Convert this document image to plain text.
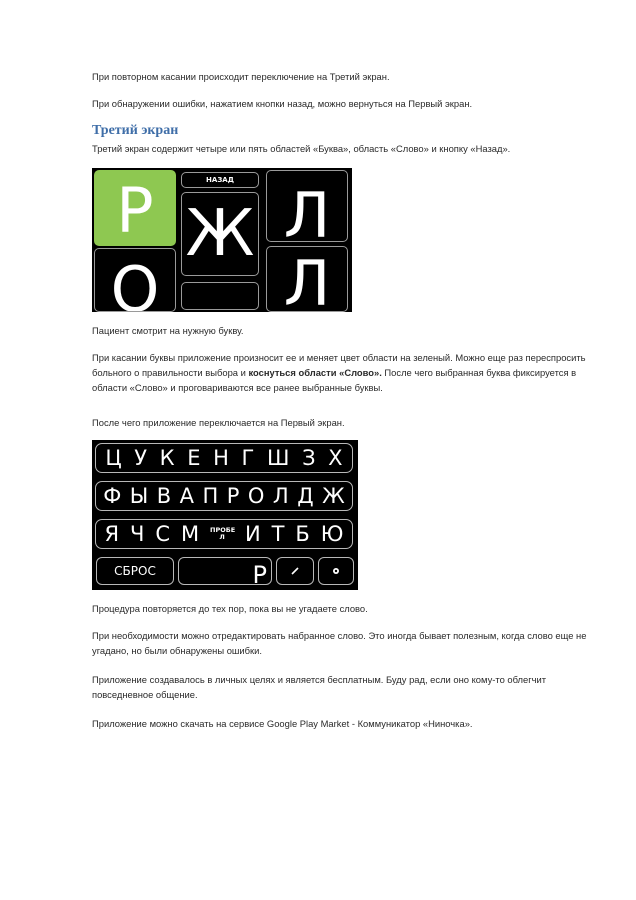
При повторном касании происходит переключение на Третий экран.

При обнаружении ошибки, нажатием кнопки назад, можно вернуться на Первый экран.

Третий экран

Третий экран содержит четыре или пять областей «Буква», область «Слово» и кнопку «Назад».

Р	НАЗАД
Ж Л
О Л

Пациент смотрит на нужную букву.

При касании буквы приложение произносит ее и меняет цвет области на зеленый. Можно еще раз переспросить больного о правильности выбора и коснуться области «Слово». После чего выбранная буква фиксируется в области «Слово» и проговариваются все ранее выбранные буквы.

После чего приложение переключается на Первый экран.

Ц У К Е Н Г Ш З Х
Ф Ы В А П Р О Л Д Ж
Я Ч С М ПРОБЕ Л И Т Б Ю
СБРОС	Р

Процедура повторяется до тех пор, пока вы не угадаете слово.

При необходимости можно отредактировать набранное слово. Это иногда бывает полезным, когда слово еще не угадано, но были обнаружены ошибки.

Приложение создавалось в личных целях и является бесплатным. Буду рад, если оно кому-то облегчит повседневное общение.

Приложение можно скачать на сервисе Google Play Market - Коммуникатор «Ниночка».
